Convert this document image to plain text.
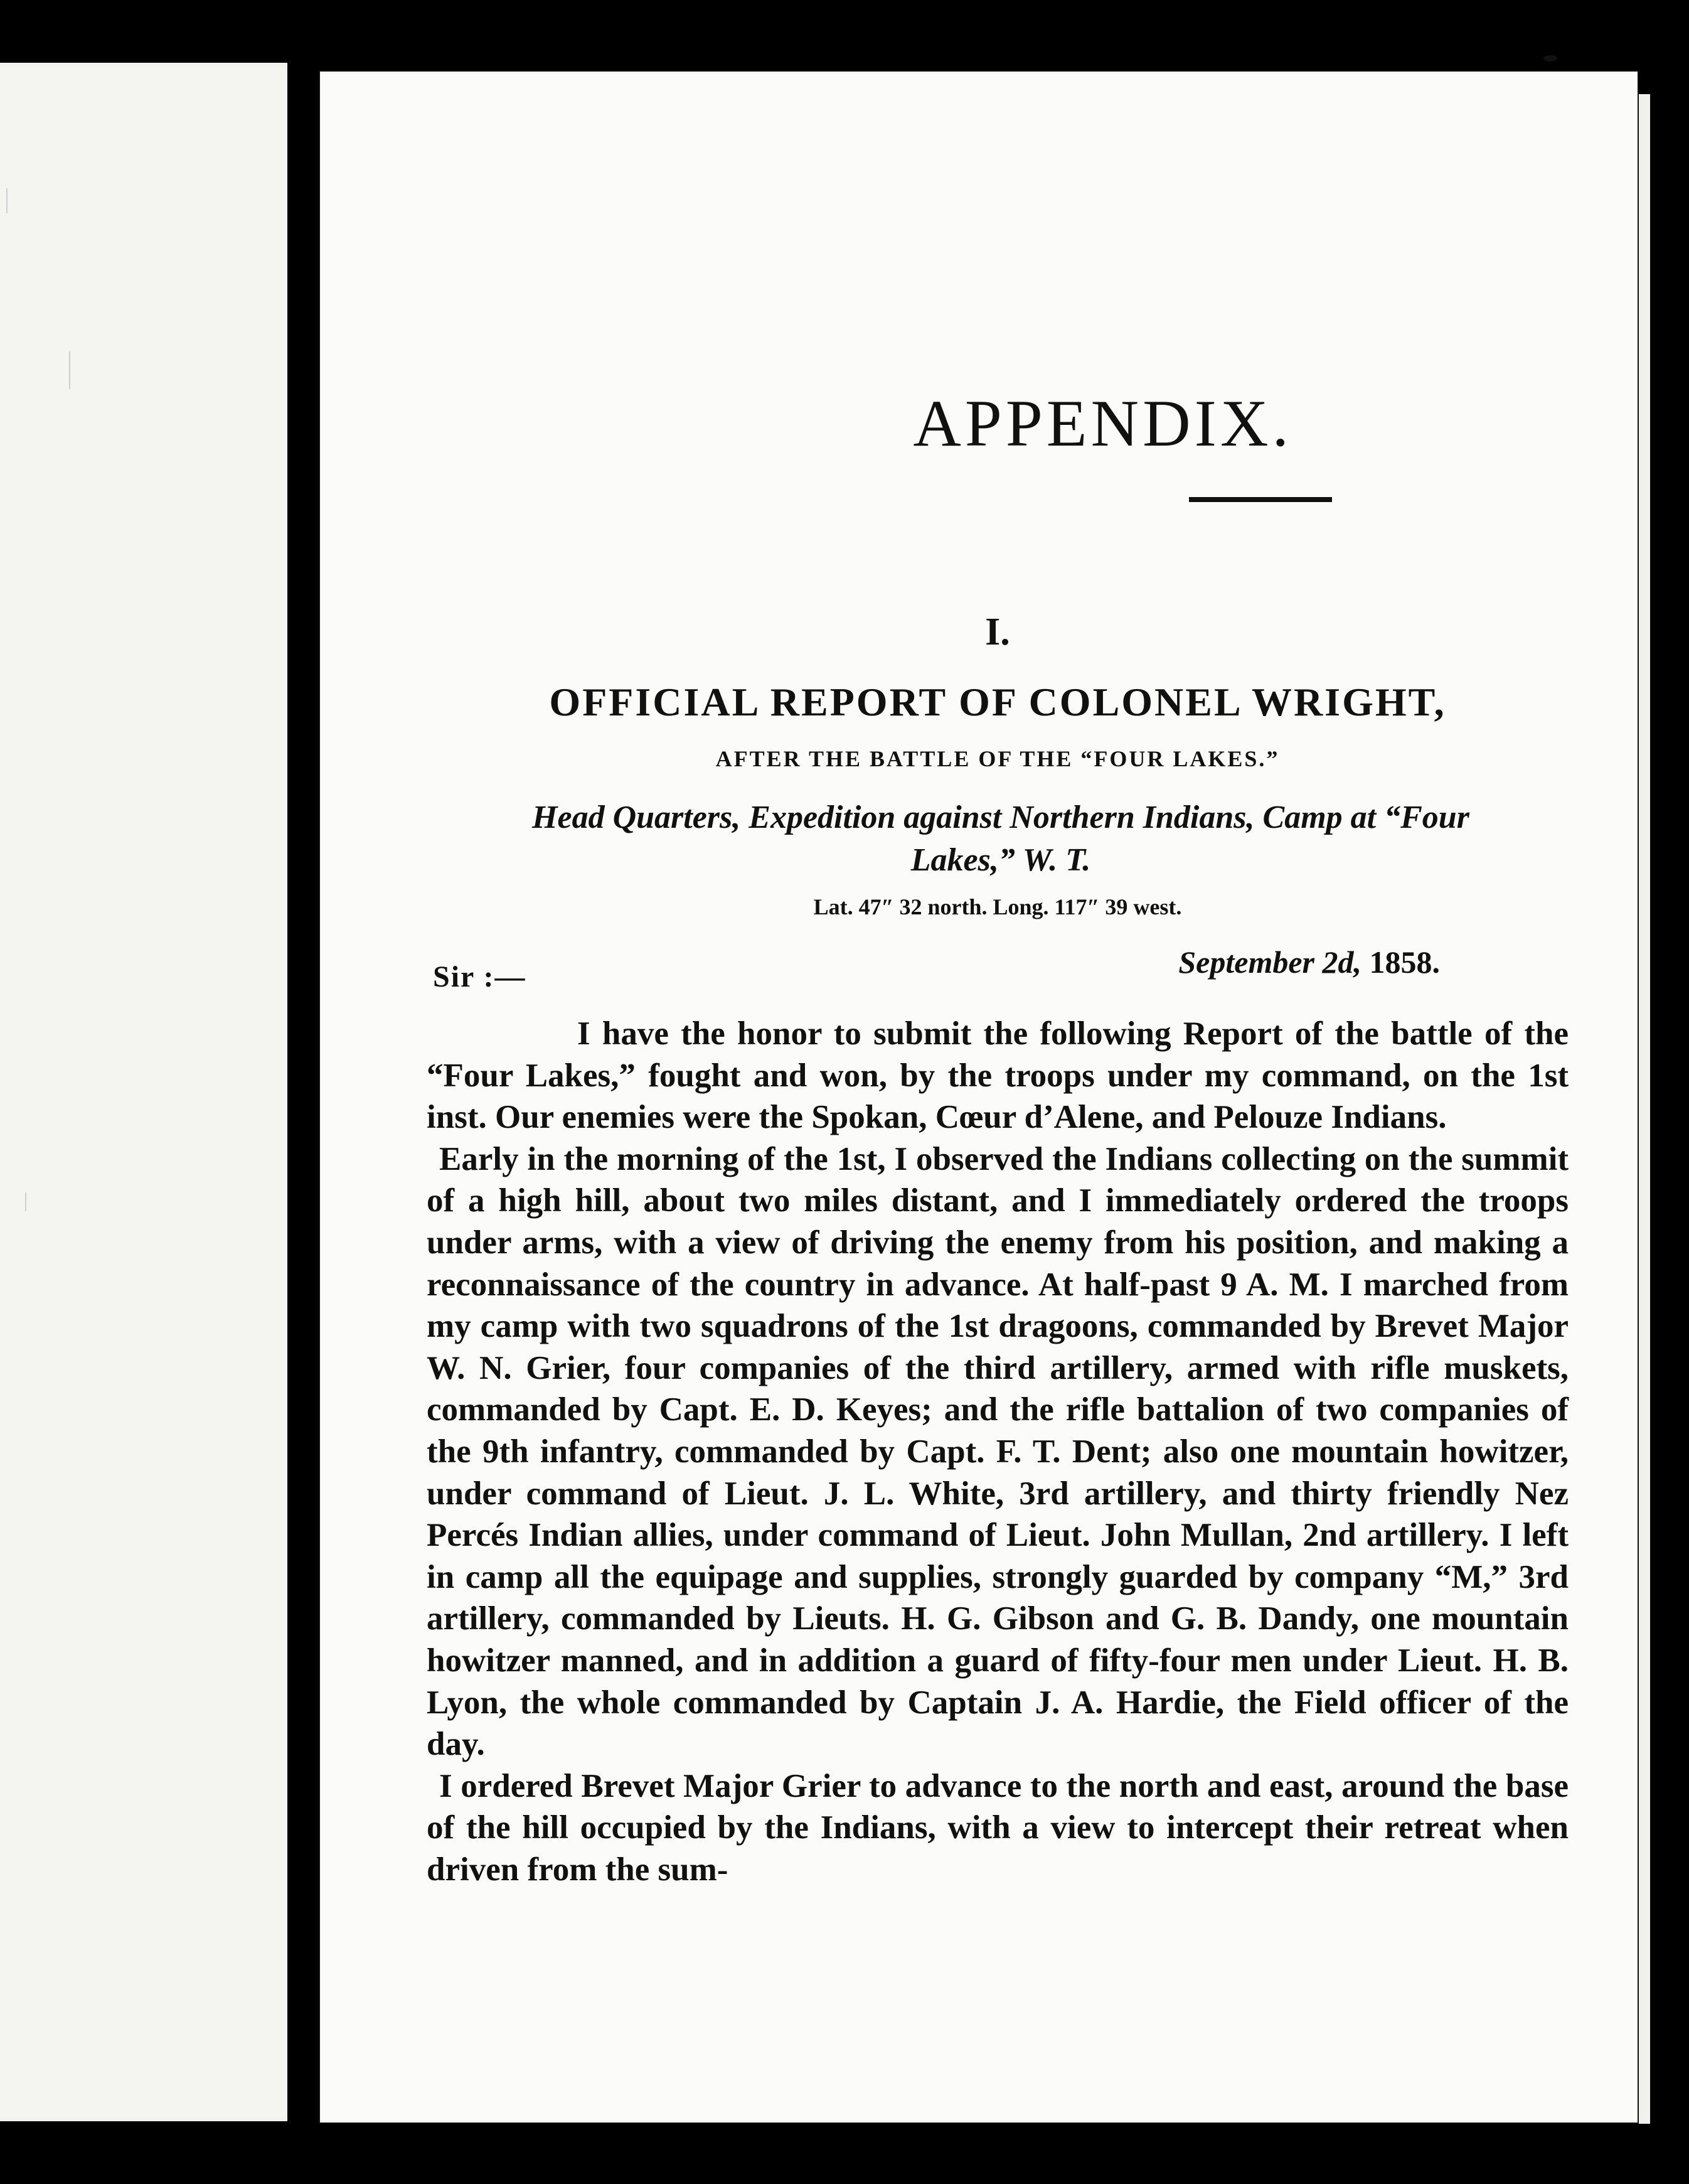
APPENDIX.
I.
OFFICIAL REPORT OF COLONEL WRIGHT,
AFTER THE BATTLE OF THE “FOUR LAKES.”
Head Quarters, Expedition against Northern Indians, Camp at “Four Lakes,” W. T.
Lat. 47″ 32 north. Long. 117″ 39 west.
September 2d, 1858.
Sir :—

I have the honor to submit the following Report of the battle of the “Four Lakes,” fought and won, by the troops under my command, on the 1st inst. Our enemies were the Spokan, Cœur d’Alene, and Pelouze Indians.

Early in the morning of the 1st, I observed the Indians collecting on the summit of a high hill, about two miles distant, and I immediately ordered the troops under arms, with a view of driving the enemy from his position, and making a reconnaissance of the country in advance. At half-past 9 A. M. I marched from my camp with two squadrons of the 1st dragoons, commanded by Brevet Major W. N. Grier, four companies of the third artillery, armed with rifle muskets, commanded by Capt. E. D. Keyes; and the rifle battalion of two companies of the 9th infantry, commanded by Capt. F. T. Dent; also one mountain howitzer, under command of Lieut. J. L. White, 3rd artillery, and thirty friendly Nez Percés Indian allies, under command of Lieut. John Mullan, 2nd artillery. I left in camp all the equipage and supplies, strongly guarded by company “M,” 3rd artillery, commanded by Lieuts. H. G. Gibson and G. B. Dandy, one mountain howitzer manned, and in addition a guard of fifty-four men under Lieut. H. B. Lyon, the whole commanded by Captain J. A. Hardie, the Field officer of the day.

I ordered Brevet Major Grier to advance to the north and east, around the base of the hill occupied by the Indians, with a view to intercept their retreat when driven from the sum-
